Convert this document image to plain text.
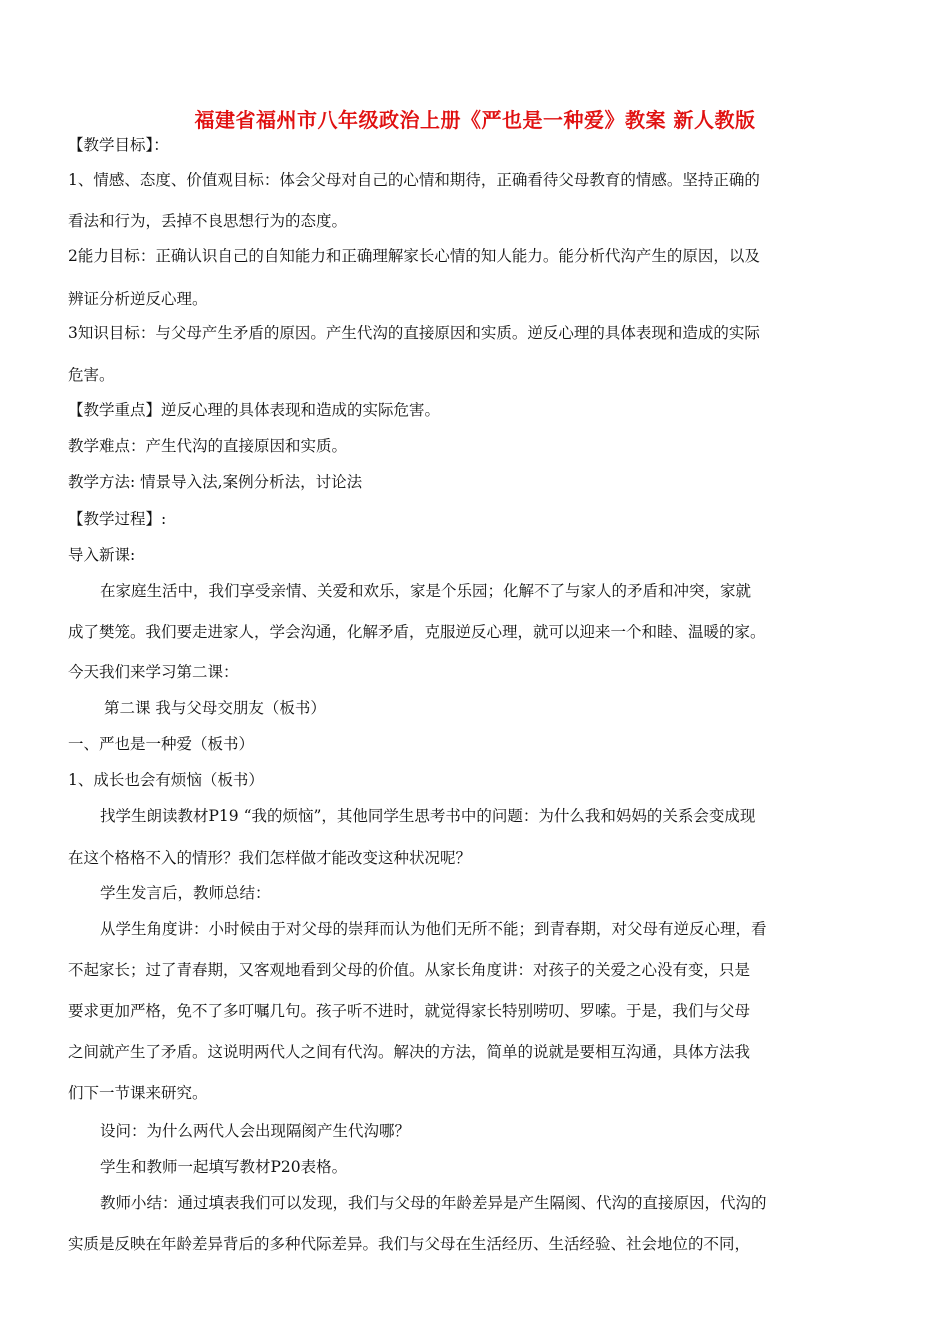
福建省福州市八年级政治上册《严也是一种爱》教案 新人教版
【教学目标】：
1、情感、态度、价值观目标：体会父母对自己的心情和期待，正确看待父母教育的情感。坚持正确的
看法和行为，丢掉不良思想行为的态度。
2能力目标：正确认识自己的自知能力和正确理解家长心情的知人能力。能分析代沟产生的原因，以及
辨证分析逆反心理。
3知识目标：与父母产生矛盾的原因。产生代沟的直接原因和实质。逆反心理的具体表现和造成的实际
危害。
【教学重点】逆反心理的具体表现和造成的实际危害。
教学难点：产生代沟的直接原因和实质。
教学方法: 情景导入法,案例分析法，讨论法
【教学过程】:
导入新课:
在家庭生活中，我们享受亲情、关爱和欢乐，家是个乐园；化解不了与家人的矛盾和冲突，家就
成了樊笼。我们要走进家人，学会沟通，化解矛盾，克服逆反心理，就可以迎来一个和睦、温暖的家。
今天我们来学习第二课：
第二课 我与父母交朋友（板书）
一、严也是一种爱（板书）
1、成长也会有烦恼（板书）
找学生朗读教材P19 “我的烦恼”，其他同学生思考书中的问题：为什么我和妈妈的关系会变成现
在这个格格不入的情形？我们怎样做才能改变这种状况呢？
学生发言后，教师总结：
从学生角度讲：小时候由于对父母的崇拜而认为他们无所不能；到青春期，对父母有逆反心理，看
不起家长；过了青春期，又客观地看到父母的价值。从家长角度讲：对孩子的关爱之心没有变，只是
要求更加严格，免不了多叮嘱几句。孩子听不进时，就觉得家长特别唠叨、罗嗦。于是，我们与父母
之间就产生了矛盾。这说明两代人之间有代沟。解决的方法，简单的说就是要相互沟通，具体方法我
们下一节课来研究。
设问：为什么两代人会出现隔阂产生代沟哪？
学生和教师一起填写教材P20表格。
教师小结：通过填表我们可以发现，我们与父母的年龄差异是产生隔阂、代沟的直接原因，代沟的
实质是反映在年龄差异背后的多种代际差异。我们与父母在生活经历、生活经验、社会地位的不同，
